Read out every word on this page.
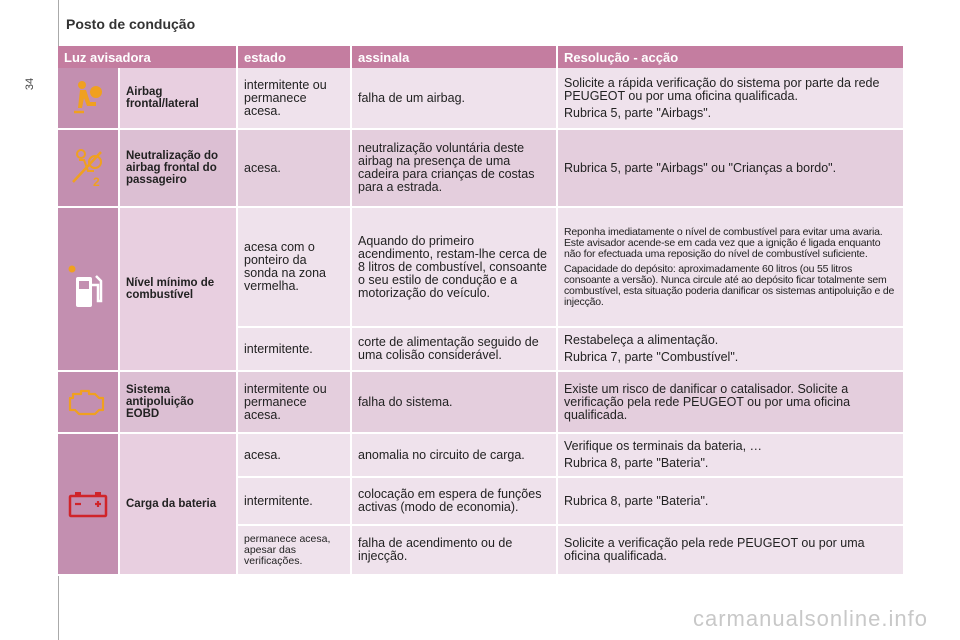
Posto de condução
34
Luz avisadora		estado	assinala	Resolução - acção

	Airbag frontal/lateral	intermitente ou permanece acesa.	falha de um airbag.	Solicite a rápida verificação do sistema por parte da rede PEUGEOT ou por uma oficina qualificada.

Rubrica 5, parte "Airbags".

2	Neutralização do airbag frontal do passageiro	acesa.	neutralização voluntária deste airbag na presença de uma cadeira para crianças de costas para a estrada.	Rubrica 5, parte "Airbags" ou "Crianças a bordo".

	Nível mínimo de combustível	acesa com o ponteiro da sonda na zona vermelha.	Aquando do primeiro acendimento, restam-lhe cerca de 8 litros de combustível, consoante o seu estilo de condução e a motorização do veículo.	Reponha imediatamente o nível de combustível para evitar uma avaria. Este avisador acende-se em cada vez que a ignição é ligada enquanto não for efectuada uma reposição do nível de combustível suficiente.

Capacidade do depósito: aproximadamente 60 litros (ou 55 litros consoante a versão). Nunca circule até ao depósito ficar totalmente sem combustível, esta situação poderia danificar os sistemas antipoluição e de injecção.

		intermitente.	corte de alimentação seguido de uma colisão considerável.	Restabeleça a alimentação.

Rubrica 7, parte "Combustível".

	Sistema antipoluição EOBD	intermitente ou permanece acesa.	falha do sistema.	Existe um risco de danificar o catalisador. Solicite a verificação pela rede PEUGEOT ou por uma oficina qualificada.

	Carga da bateria	acesa.	anomalia no circuito de carga.	Verifique os terminais da bateria, …

Rubrica 8, parte "Bateria".

		intermitente.	colocação em espera de funções activas (modo de economia).	Rubrica 8, parte "Bateria".

		permanece acesa, apesar das verificações.	falha de acendimento ou de injecção.	Solicite a verificação pela rede PEUGEOT ou por uma oficina qualificada.

carmanualsonline.info
